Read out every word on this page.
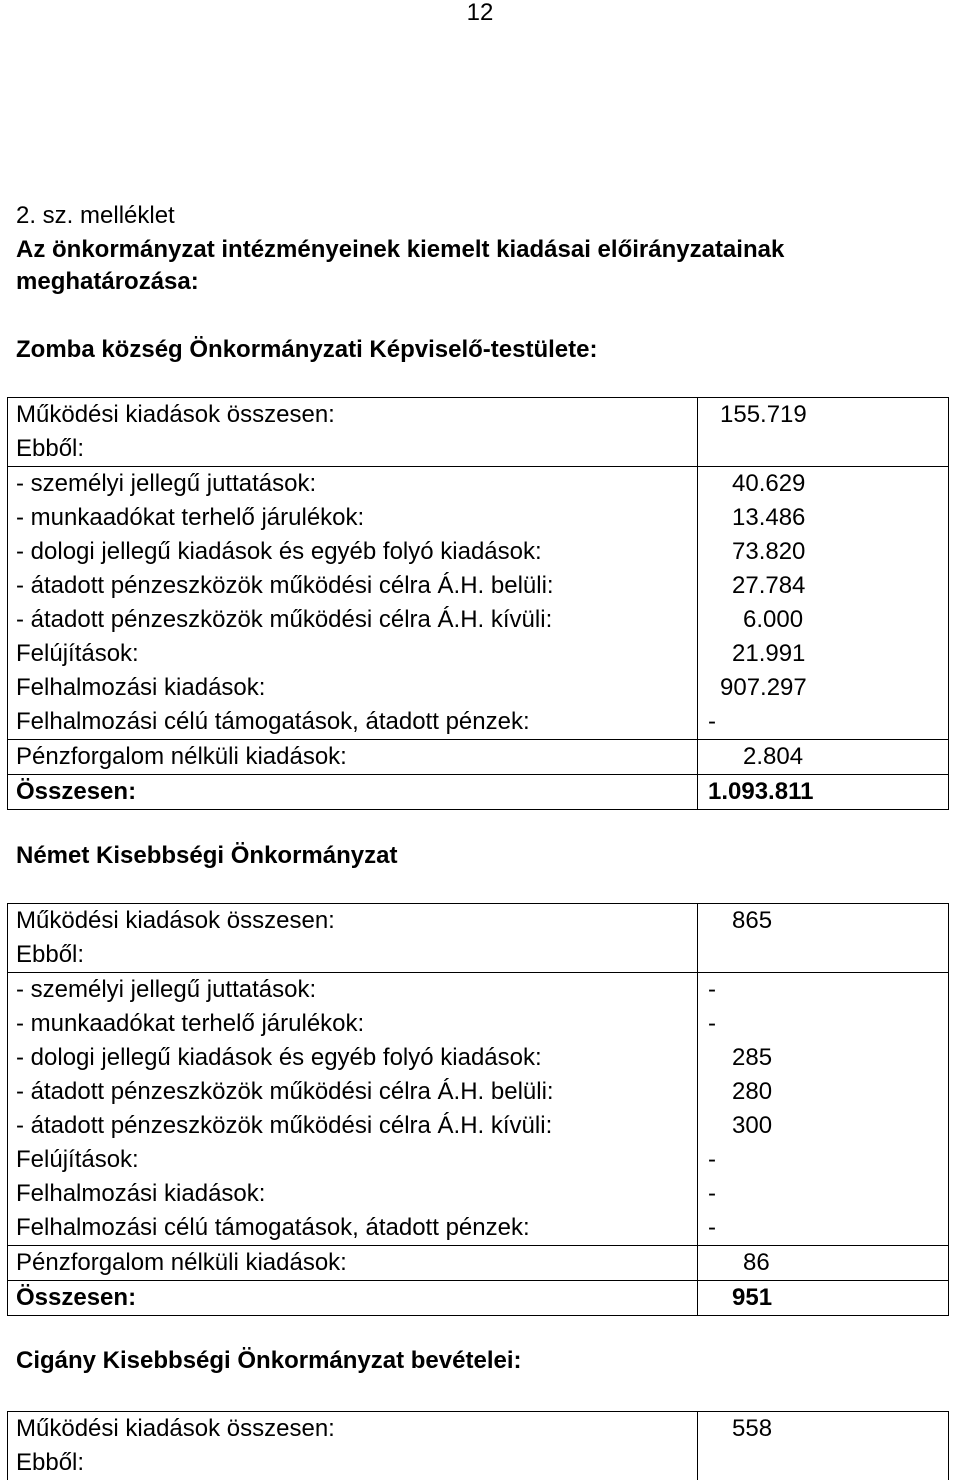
12
2. sz. melléklet
Az önkormányzat intézményeinek kiemelt kiadásai előirányzatainak meghatározása:
Zomba község Önkormányzati Képviselő-testülete:
Működési kiadások összesen:	155.719
Ebből:	
- személyi jellegű juttatások:	40.629
- munkaadókat terhelő járulékok:	13.486
- dologi jellegű kiadások és egyéb folyó kiadások:	73.820
- átadott pénzeszközök működési célra Á.H. belüli:	27.784
- átadott pénzeszközök működési célra Á.H. kívüli:	6.000
Felújítások:	21.991
Felhalmozási kiadások:	907.297
Felhalmozási célú támogatások, átadott pénzek:	-
Pénzforgalom nélküli kiadások:	2.804
Összesen:	1.093.811
Német Kisebbségi Önkormányzat
Működési kiadások összesen:	865
Ebből:	
- személyi jellegű juttatások:	-
- munkaadókat terhelő járulékok:	-
- dologi jellegű kiadások és egyéb folyó kiadások:	285
- átadott pénzeszközök működési célra Á.H. belüli:	280
- átadott pénzeszközök működési célra Á.H. kívüli:	300
Felújítások:	-
Felhalmozási kiadások:	-
Felhalmozási célú támogatások, átadott pénzek:	-
Pénzforgalom nélküli kiadások:	86
Összesen:	951
Cigány Kisebbségi Önkormányzat bevételei:
Működési kiadások összesen:	558
Ebből:	
